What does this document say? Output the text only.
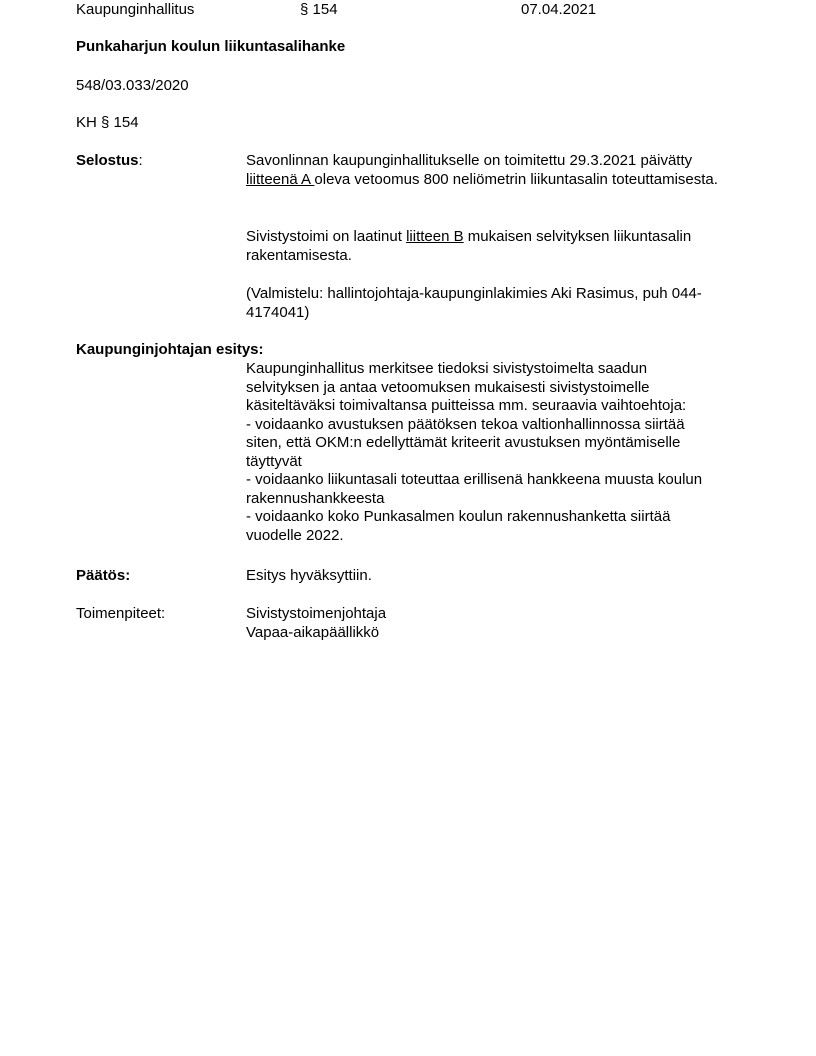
Kaupunginhallitus	§ 154	07.04.2021
Punkaharjun koulun liikuntasalihanke
548/03.033/2020
KH § 154
Selostus:	Savonlinnan kaupunginhallitukselle on toimitettu 29.3.2021 päivätty liitteenä A oleva vetoomus 800 neliömetrin liikuntasalin toteuttamisesta.

Sivistystoimi on laatinut liitteen B mukaisen selvityksen liikuntasalin rakentamisesta.

(Valmistelu: hallintojohtaja-kaupunginlakimies Aki Rasimus, puh 044-4174041)

Kaupunginjohtajan esitys:
Kaupunginhallitus merkitsee tiedoksi sivistystoimelta saadun
selvityksen ja antaa vetoomuksen mukaisesti sivistystoimelle
käsiteltäväksi toimivaltansa puitteissa mm. seuraavia vaihtoehtoja:
- voidaanko avustuksen päätöksen tekoa valtionhallinnossa siirtää
siten, että OKM:n edellyttämät kriteerit avustuksen myöntämiselle
täyttyvät
- voidaanko liikuntasali toteuttaa erillisenä hankkeena muusta koulun
rakennushankkeesta
- voidaanko koko Punkasalmen koulun rakennushanketta siirtää
vuodelle 2022.
Päätös:	Esitys hyväksyttiin.
Toimenpiteet:	Sivistystoimenjohtaja
Vapaa-aikapäällikkö
